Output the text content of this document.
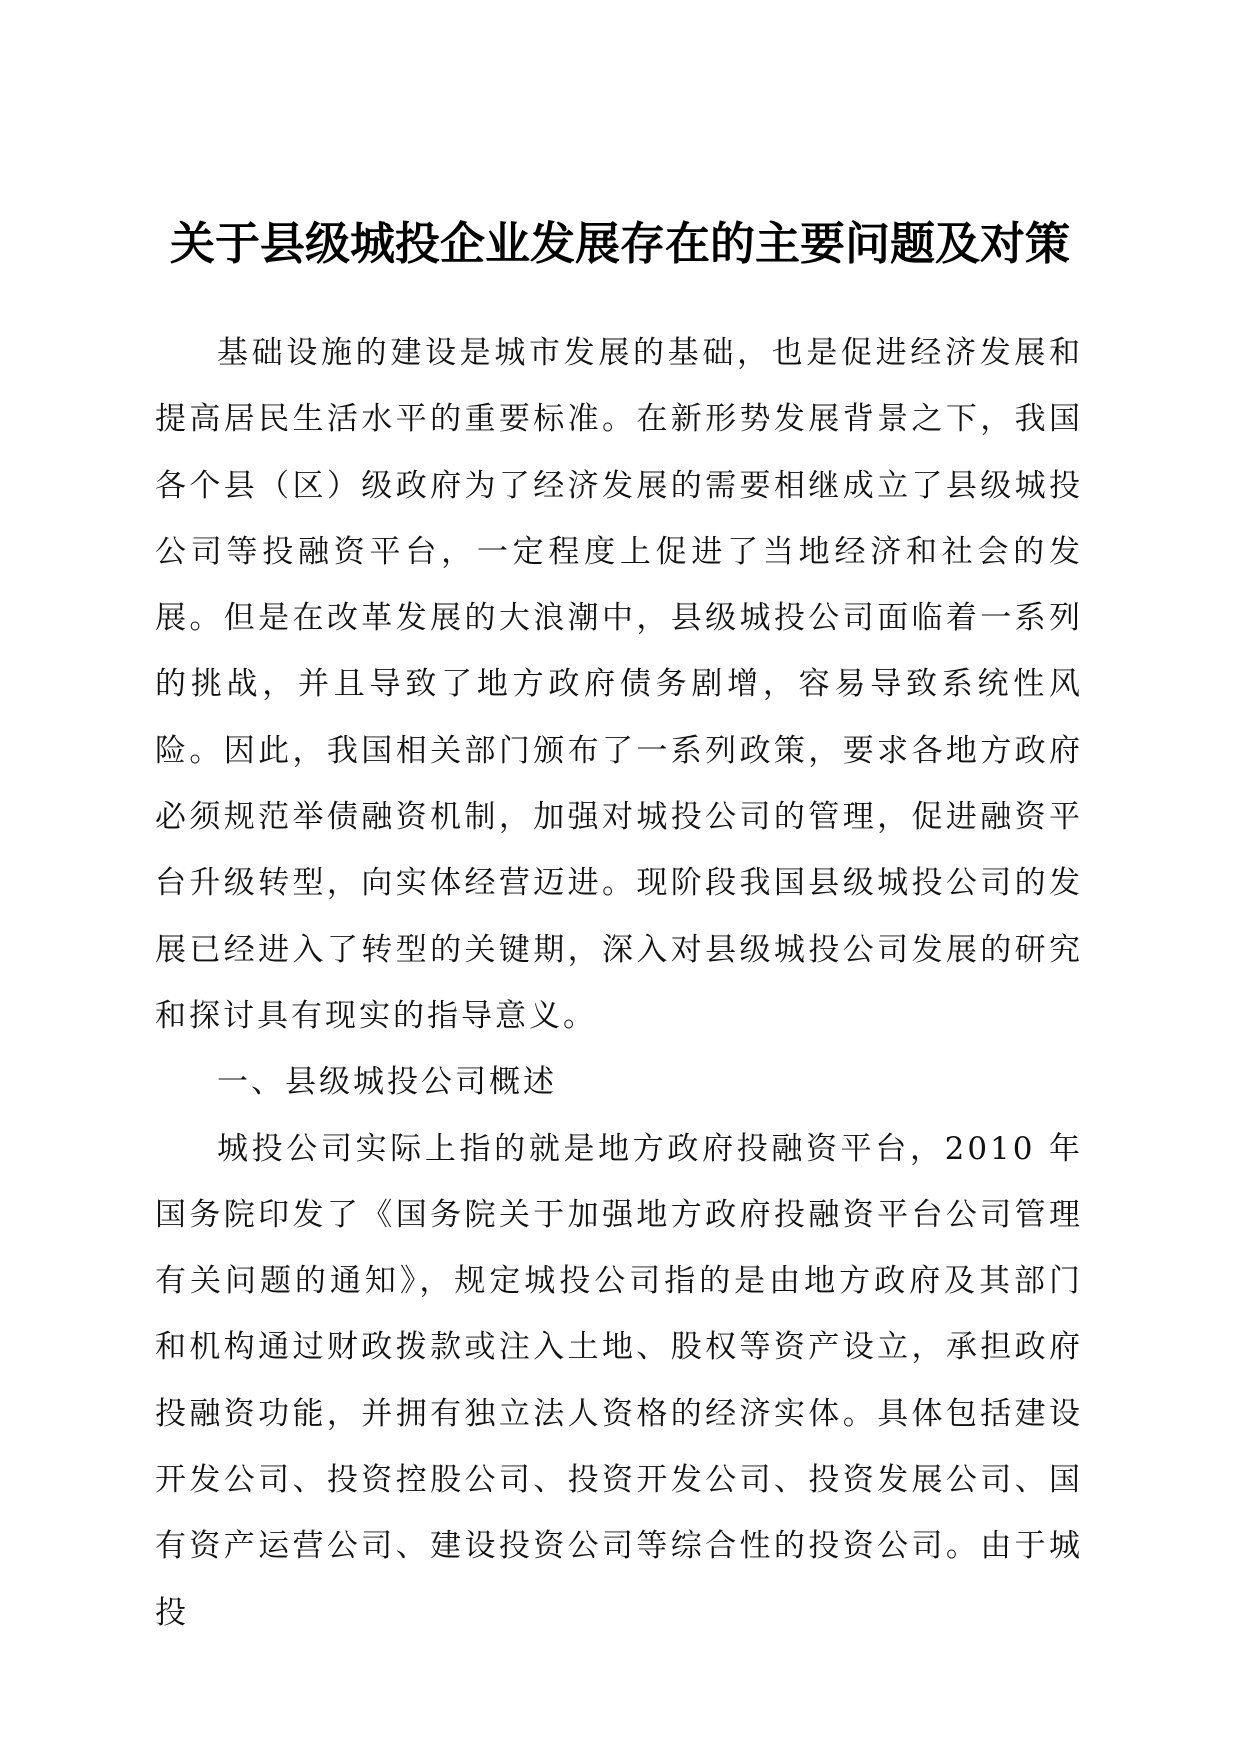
关于县级城投企业发展存在的主要问题及对策

基础设施的建设是城市发展的基础，也是促进经济发展和提高居民生活水平的重要标准。在新形势发展背景之下，我国各个县（区）级政府为了经济发展的需要相继成立了县级城投公司等投融资平台，一定程度上促进了当地经济和社会的发展。但是在改革发展的大浪潮中，县级城投公司面临着一系列的挑战，并且导致了地方政府债务剧增，容易导致系统性风险。因此，我国相关部门颁布了一系列政策，要求各地方政府必须规范举债融资机制，加强对城投公司的管理，促进融资平台升级转型，向实体经营迈进。现阶段我国县级城投公司的发展已经进入了转型的关键期，深入对县级城投公司发展的研究和探讨具有现实的指导意义。

一、县级城投公司概述

城投公司实际上指的就是地方政府投融资平台，2010 年国务院印发了《国务院关于加强地方政府投融资平台公司管理有关问题的通知》，规定城投公司指的是由地方政府及其部门和机构通过财政拨款或注入土地、股权等资产设立，承担政府投融资功能，并拥有独立法人资格的经济实体。具体包括建设开发公司、投资控股公司、投资开发公司、投资发展公司、国有资产运营公司、建设投资公司等综合性的投资公司。由于城投
